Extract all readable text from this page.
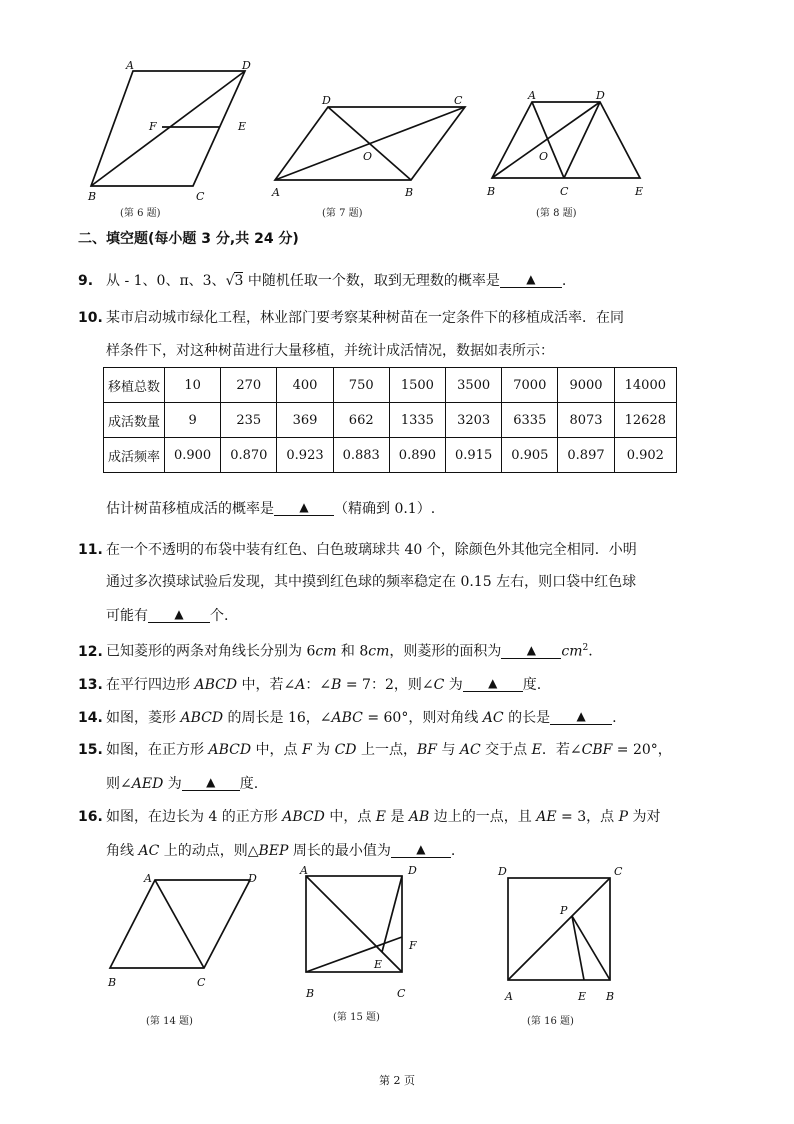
A	D
F	E
B	C
(第 6 题)
D	C
O
A	B
(第 7 题)
A	D
O
B	C	E
(第 8 题)
二、填空题(每小题 3 分,共 24 分)
9. 从 - 1、0、π、3、√3 中随机任取一个数，取到无理数的概率是 ▲ .
10. 某市启动城市绿化工程，林业部门要考察某种树苗在一定条件下的移植成活率．在同
样条件下，对这种树苗进行大量移植，并统计成活情况，数据如表所示：
移植总数	10	270	400	750	1500	3500	7000	9000	14000
成活数量	9	235	369	662	1335	3203	6335	8073	12628
成活频率	0.900	0.870	0.923	0.883	0.890	0.915	0.905	0.897	0.902
估计树苗移植成活的概率是 ▲ （精确到 0.1）.
11. 在一个不透明的布袋中装有红色、白色玻璃球共 40 个，除颜色外其他完全相同．小明
通过多次摸球试验后发现，其中摸到红色球的频率稳定在 0.15 左右，则口袋中红色球
可能有 ▲ 个.
12. 已知菱形的两条对角线长分别为 6cm 和 8cm，则菱形的面积为 ▲ $cm^2$.
13. 在平行四边形 ABCD 中，若∠A：∠B = 7：2，则∠C 为 ▲ 度.
14. 如图，菱形 ABCD 的周长是 16，∠ABC = 60°，则对角线 AC 的长是 ▲ .
15. 如图，在正方形 ABCD 中，点 F 为 CD 上一点，BF 与 AC 交于点 E．若∠CBF = 20°，
则∠AED 为 ▲ 度.
16. 如图，在边长为 4 的正方形 ABCD 中，点 E 是 AB 边上的一点，且 AE = 3，点 P 为对
角线 AC 上的动点，则△BEP 周长的最小值为 ▲ .
A	D
B	C
(第 14 题)
A	D
F
E
B	C
(第 15 题)
D	C
P
A	E B
(第 16 题)
第 2 页
